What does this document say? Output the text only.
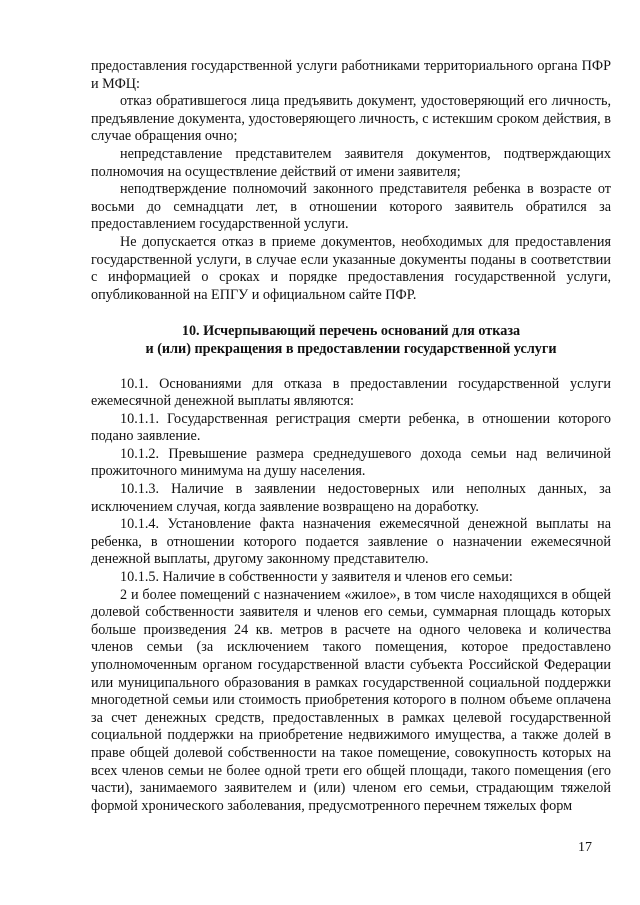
предоставления государственной услуги работниками территориального органа ПФР и МФЦ:

отказ обратившегося лица предъявить документ, удостоверяющий его личность, предъявление документа, удостоверяющего личность, с истекшим сроком действия, в случае обращения очно;

непредставление представителем заявителя документов, подтверждающих полномочия на осуществление действий от имени заявителя;

неподтверждение полномочий законного представителя ребенка в возрасте от восьми до семнадцати лет, в отношении которого заявитель обратился за предоставлением государственной услуги.

Не допускается отказ в приеме документов, необходимых для предоставления государственной услуги, в случае если указанные документы поданы в соответствии с информацией о сроках и порядке предоставления государственной услуги, опубликованной на ЕПГУ и официальном сайте ПФР.

10. Исчерпывающий перечень оснований для отказа
и (или) прекращения в предоставлении государственной услуги

10.1. Основаниями для отказа в предоставлении государственной услуги ежемесячной денежной выплаты являются:

10.1.1. Государственная регистрация смерти ребенка, в отношении которого подано заявление.

10.1.2. Превышение размера среднедушевого дохода семьи над величиной прожиточного минимума на душу населения.

10.1.3. Наличие в заявлении недостоверных или неполных данных, за исключением случая, когда заявление возвращено на доработку.

10.1.4. Установление факта назначения ежемесячной денежной выплаты на ребенка, в отношении которого подается заявление о назначении ежемесячной денежной выплаты, другому законному представителю.

10.1.5. Наличие в собственности у заявителя и членов его семьи:

2 и более помещений с назначением «жилое», в том числе находящихся в общей долевой собственности заявителя и членов его семьи, суммарная площадь которых больше произведения 24 кв. метров в расчете на одного человека и количества членов семьи (за исключением такого помещения, которое предоставлено уполномоченным органом государственной власти субъекта Российской Федерации или муниципального образования в рамках государственной социальной поддержки многодетной семьи или стоимость приобретения которого в полном объеме оплачена за счет денежных средств, предоставленных в рамках целевой государственной социальной поддержки на приобретение недвижимого имущества, а также долей в праве общей долевой собственности на такое помещение, совокупность которых на всех членов семьи не более одной трети его общей площади, такого помещения (его части), занимаемого заявителем и (или) членом его семьи, страдающим тяжелой формой хронического заболевания, предусмотренного перечнем тяжелых форм

17
